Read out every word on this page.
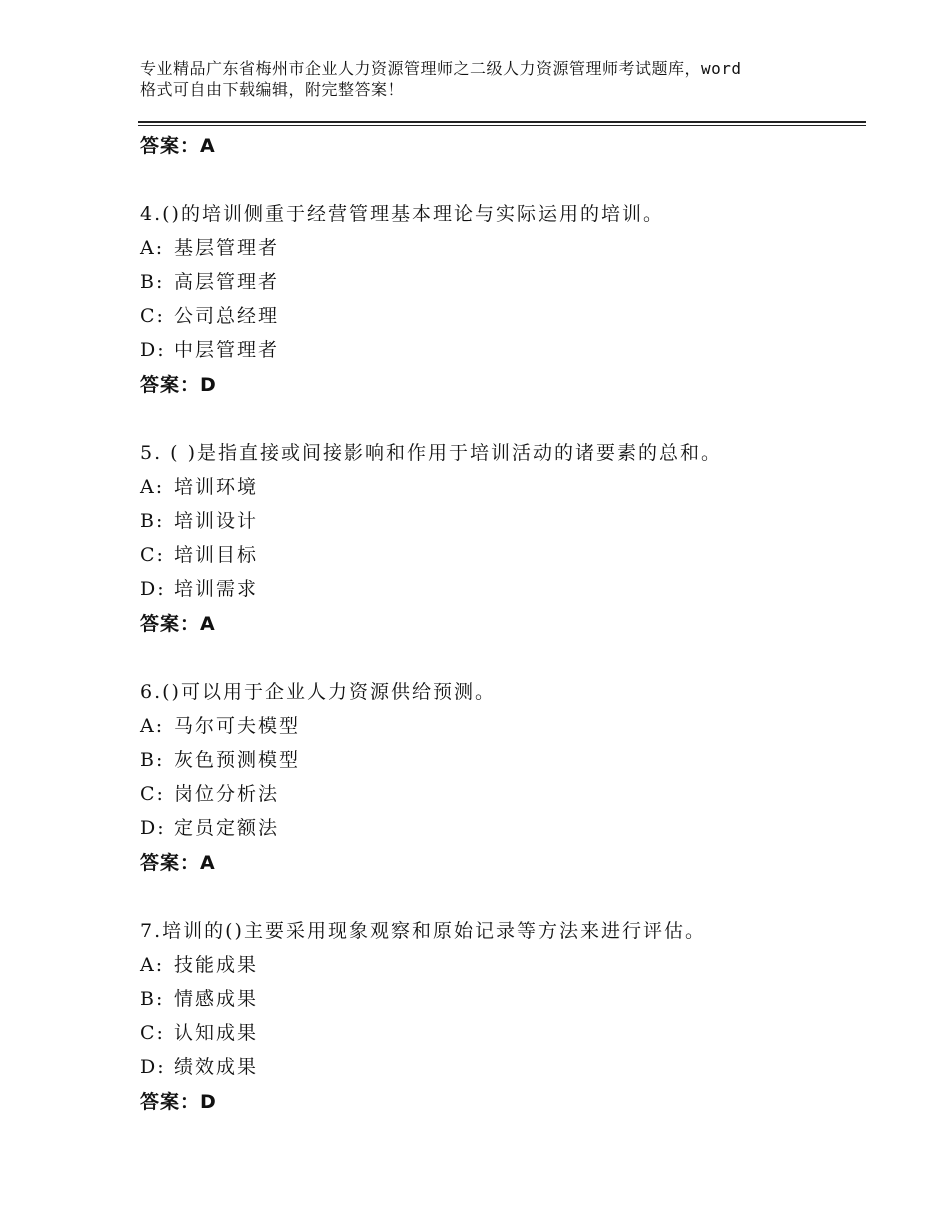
专业精品广东省梅州市企业人力资源管理师之二级人力资源管理师考试题库，word
格式可自由下载编辑，附完整答案！
答案：A
4.()的培训侧重于经营管理基本理论与实际运用的培训。
A: 基层管理者
B: 高层管理者
C: 公司总经理
D: 中层管理者
答案：D
5. ( )是指直接或间接影响和作用于培训活动的诸要素的总和。
A: 培训环境
B: 培训设计
C: 培训目标
D: 培训需求
答案：A
6.()可以用于企业人力资源供给预测。
A: 马尔可夫模型
B: 灰色预测模型
C: 岗位分析法
D: 定员定额法
答案：A
7.培训的()主要采用现象观察和原始记录等方法来进行评估。
A: 技能成果
B: 情感成果
C: 认知成果
D: 绩效成果
答案：D
